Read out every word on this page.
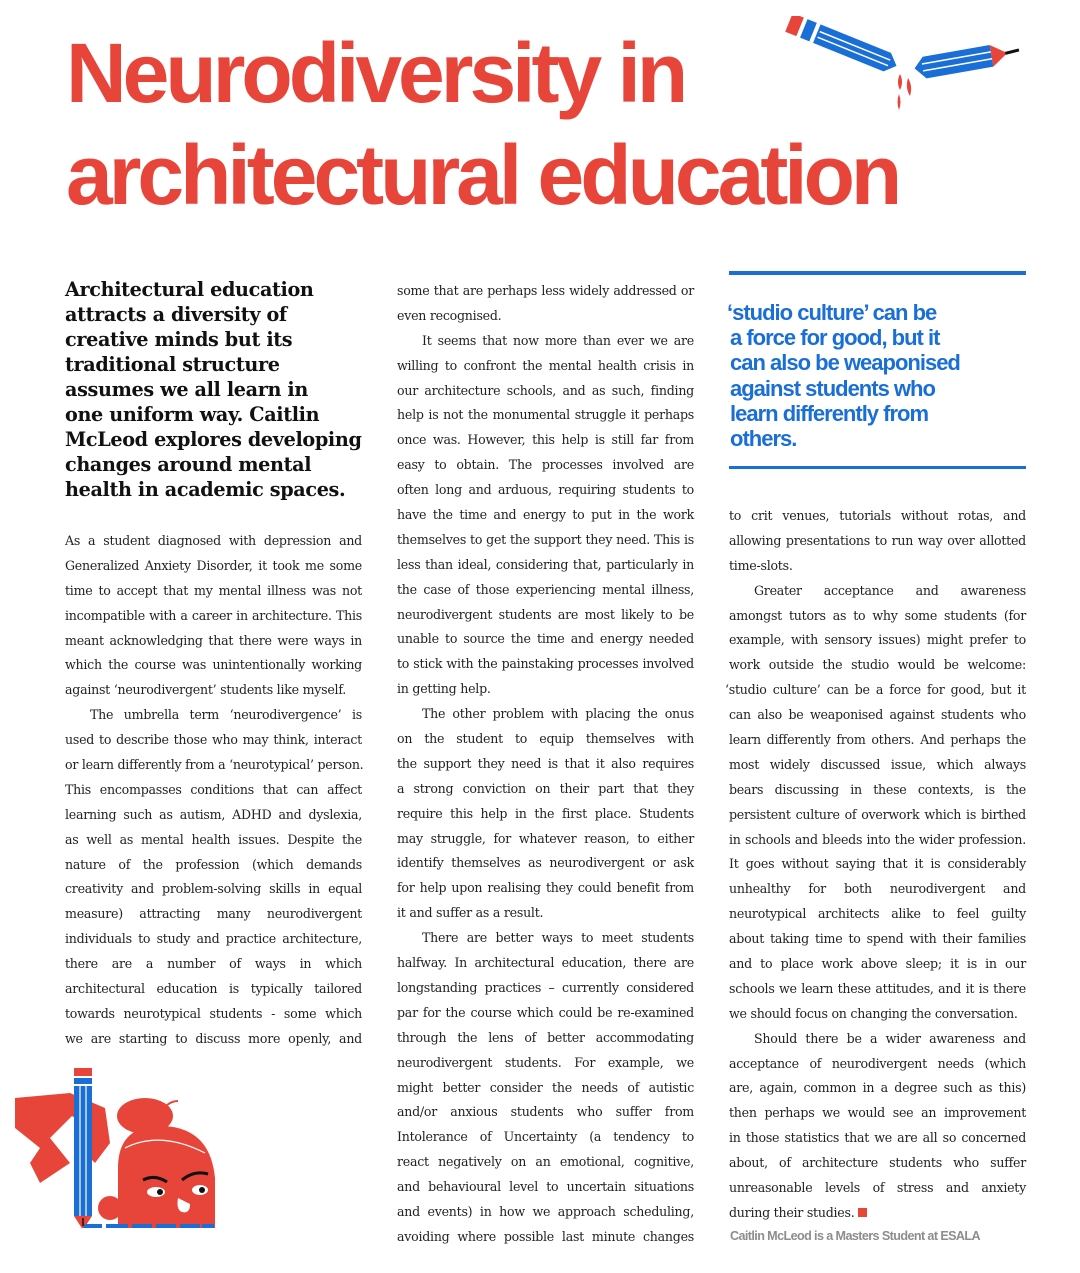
Neurodiversity in
architectural education
Architectural education
attracts a diversity of
creative minds but its
traditional structure
assumes we all learn in
one uniform way. Caitlin
McLeod explores developing
changes around mental
health in academic spaces.
As a student diagnosed with depression and
Generalized Anxiety Disorder, it took me some
time to accept that my mental illness was not
incompatible with a career in architecture. This
meant acknowledging that there were ways in
which the course was unintentionally working
against ‘neurodivergent’ students like myself.
The umbrella term ‘neurodivergence’ is
used to describe those who may think, interact
or learn differently from a ‘neurotypical’ person.
This encompasses conditions that can affect
learning such as autism, ADHD and dyslexia,
as well as mental health issues. Despite the
nature of the profession (which demands
creativity and problem-solving skills in equal
measure) attracting many neurodivergent
individuals to study and practice architecture,
there are a number of ways in which
architectural education is typically tailored
towards neurotypical students - some which
we are starting to discuss more openly, and
some that are perhaps less widely addressed or
even recognised.
It seems that now more than ever we are
willing to confront the mental health crisis in
our architecture schools, and as such, finding
help is not the monumental struggle it perhaps
once was. However, this help is still far from
easy to obtain. The processes involved are
often long and arduous, requiring students to
have the time and energy to put in the work
themselves to get the support they need. This is
less than ideal, considering that, particularly in
the case of those experiencing mental illness,
neurodivergent students are most likely to be
unable to source the time and energy needed
to stick with the painstaking processes involved
in getting help.
The other problem with placing the onus
on the student to equip themselves with
the support they need is that it also requires
a strong conviction on their part that they
require this help in the first place. Students
may struggle, for whatever reason, to either
identify themselves as neurodivergent or ask
for help upon realising they could benefit from
it and suffer as a result.
There are better ways to meet students
halfway. In architectural education, there are
longstanding practices – currently considered
par for the course which could be re-examined
through the lens of better accommodating
neurodivergent students. For example, we
might better consider the needs of autistic
and/or anxious students who suffer from
Intolerance of Uncertainty (a tendency to
react negatively on an emotional, cognitive,
and behavioural level to uncertain situations
and events) in how we approach scheduling,
avoiding where possible last minute changes
‘studio culture’ can be
a force for good, but it
can also be weaponised
against students who
learn differently from
others.
to crit venues, tutorials without rotas, and
allowing presentations to run way over allotted
time-slots.
Greater acceptance and awareness
amongst tutors as to why some students (for
example, with sensory issues) might prefer to
work outside the studio would be welcome:
‘studio culture’ can be a force for good, but it
can also be weaponised against students who
learn differently from others. And perhaps the
most widely discussed issue, which always
bears discussing in these contexts, is the
persistent culture of overwork which is birthed
in schools and bleeds into the wider profession.
It goes without saying that it is considerably
unhealthy for both neurodivergent and
neurotypical architects alike to feel guilty
about taking time to spend with their families
and to place work above sleep; it is in our
schools we learn these attitudes, and it is there
we should focus on changing the conversation.
Should there be a wider awareness and
acceptance of neurodivergent needs (which
are, again, common in a degree such as this)
then perhaps we would see an improvement
in those statistics that we are all so concerned
about, of architecture students who suffer
unreasonable levels of stress and anxiety
during their studies.

Caitlin McLeod is a Masters Student at ESALA
